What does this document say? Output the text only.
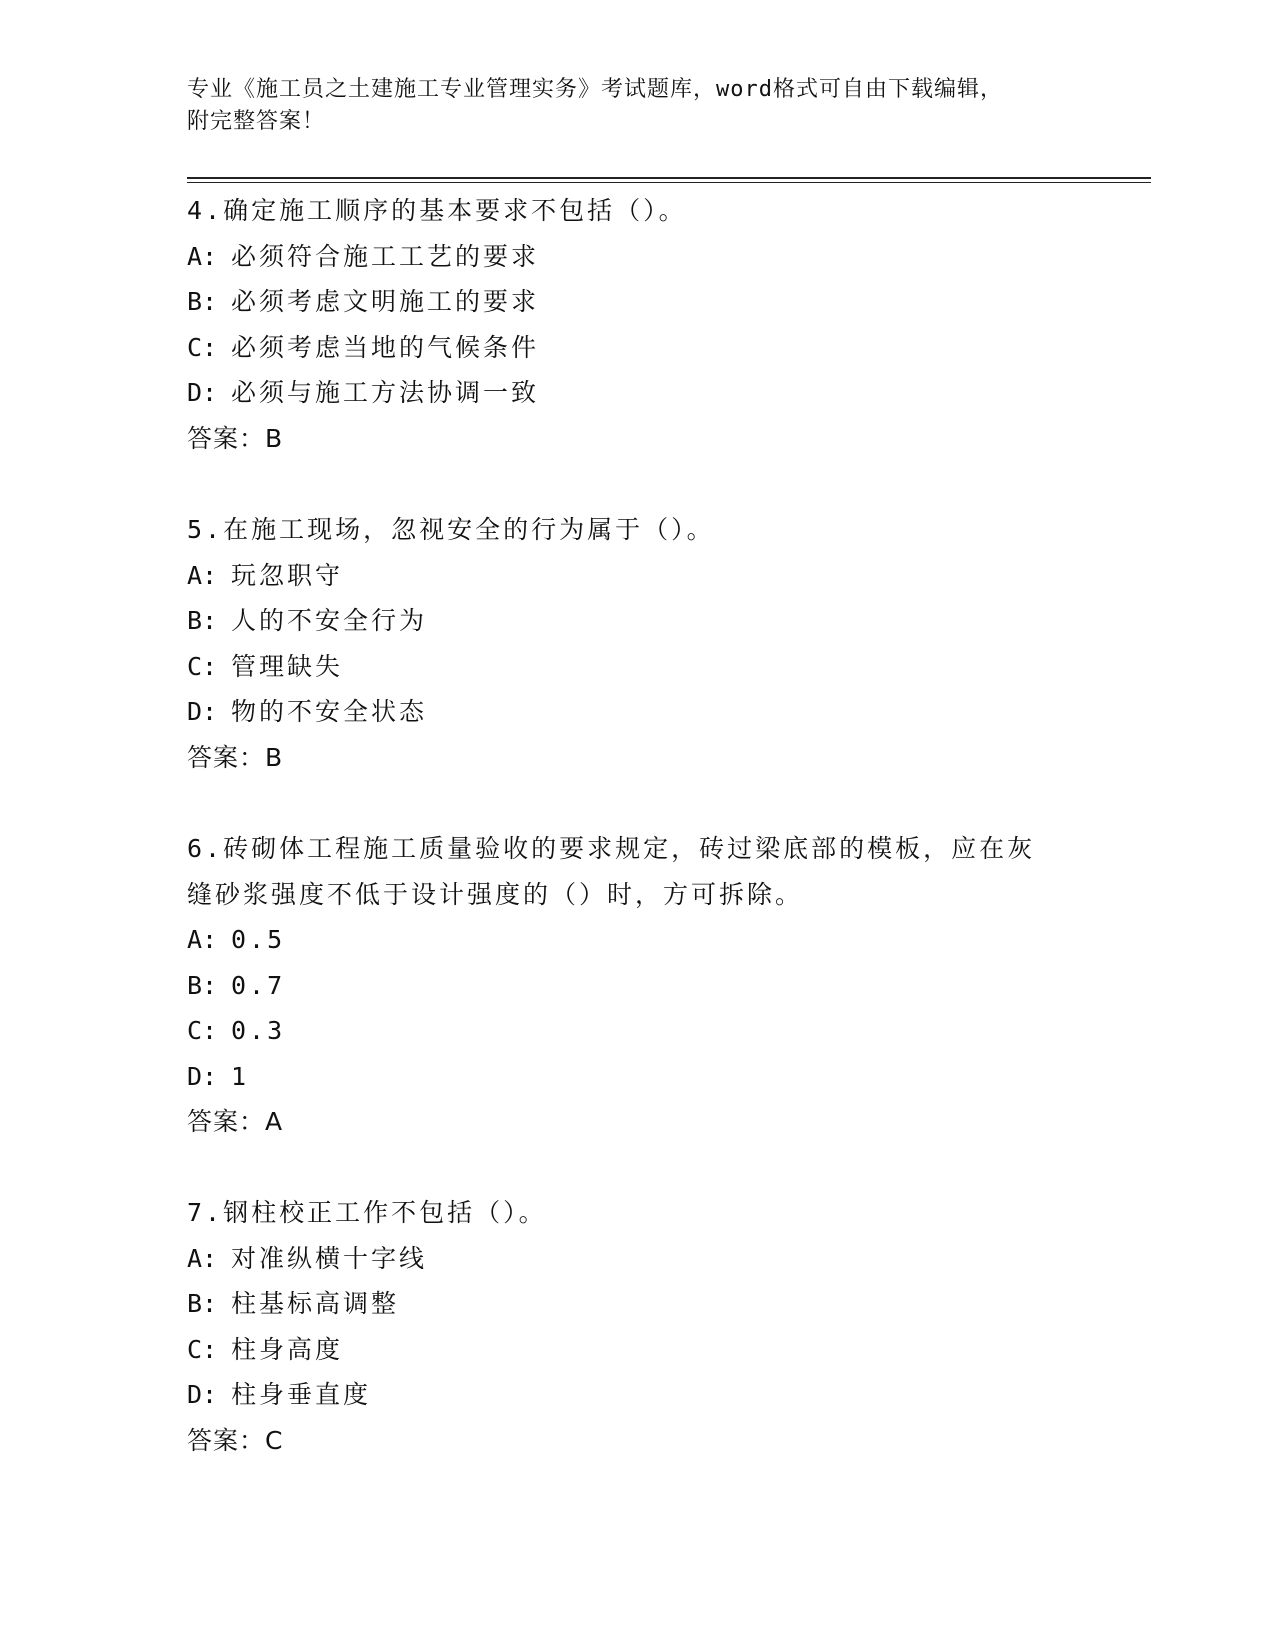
专业《施工员之土建施工专业管理实务》考试题库，word格式可自由下载编辑，
附完整答案！
4.确定施工顺序的基本要求不包括（）。
A: 必须符合施工工艺的要求
B: 必须考虑文明施工的要求
C: 必须考虑当地的气候条件
D: 必须与施工方法协调一致
答案：B
5.在施工现场，忽视安全的行为属于（）。
A: 玩忽职守
B: 人的不安全行为
C: 管理缺失
D: 物的不安全状态
答案：B
6.砖砌体工程施工质量验收的要求规定，砖过梁底部的模板，应在灰
缝砂浆强度不低于设计强度的（）时，方可拆除。
A: 0.5
B: 0.7
C: 0.3
D: 1
答案：A
7.钢柱校正工作不包括（）。
A: 对准纵横十字线
B: 柱基标高调整
C: 柱身高度
D: 柱身垂直度
答案：C
